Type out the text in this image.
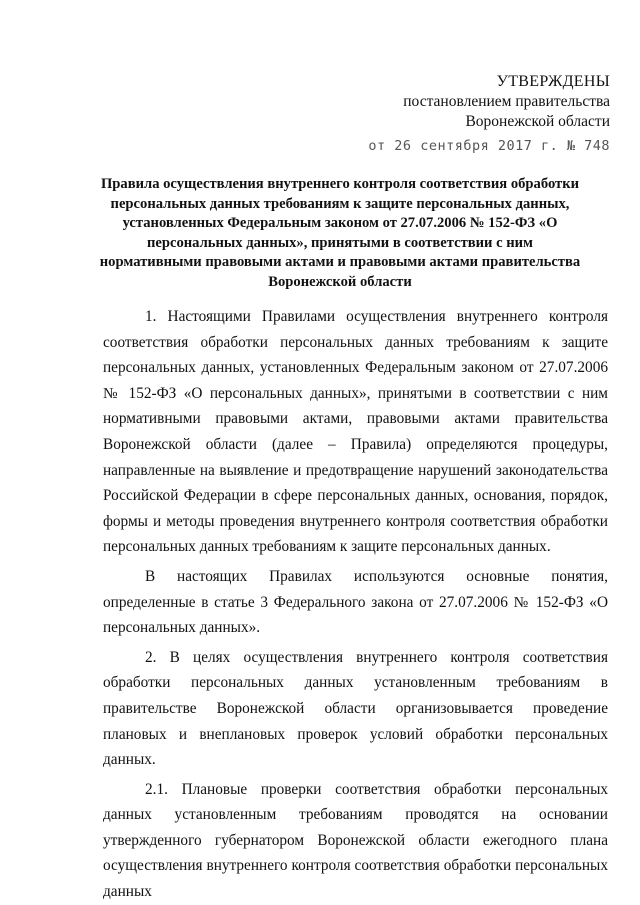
УТВЕРЖДЕНЫ
постановлением правительства
Воронежской области
от 26 сентября 2017 г. № 748
Правила осуществления внутреннего контроля соответствия обработки персональных данных требованиям к защите персональных данных, установленных Федеральным законом от 27.07.2006 № 152-ФЗ «О персональных данных», принятыми в соответствии с ним нормативными правовыми актами и правовыми актами правительства Воронежской области

1. Настоящими Правилами осуществления внутреннего контроля соответствия обработки персональных данных требованиям к защите персональных данных, установленных Федеральным законом от 27.07.2006 № 152-ФЗ «О персональных данных», принятыми в соответствии с ним нормативными правовыми актами, правовыми актами правительства Воронежской области (далее – Правила) определяются процедуры, направленные на выявление и предотвращение нарушений законодательства Российской Федерации в сфере персональных данных, основания, порядок, формы и методы проведения внутреннего контроля соответствия обработки персональных данных требованиям к защите персональных данных.

В настоящих Правилах используются основные понятия, определенные в статье 3 Федерального закона от 27.07.2006 № 152-ФЗ «О персональных данных».

2. В целях осуществления внутреннего контроля соответствия обработки персональных данных установленным требованиям в правительстве Воронежской области организовывается проведение плановых и внеплановых проверок условий обработки персональных данных.

2.1. Плановые проверки соответствия обработки персональных данных установленным требованиям проводятся на основании утвержденного губернатором Воронежской области ежегодного плана осуществления внутреннего контроля соответствия обработки персональных данных
